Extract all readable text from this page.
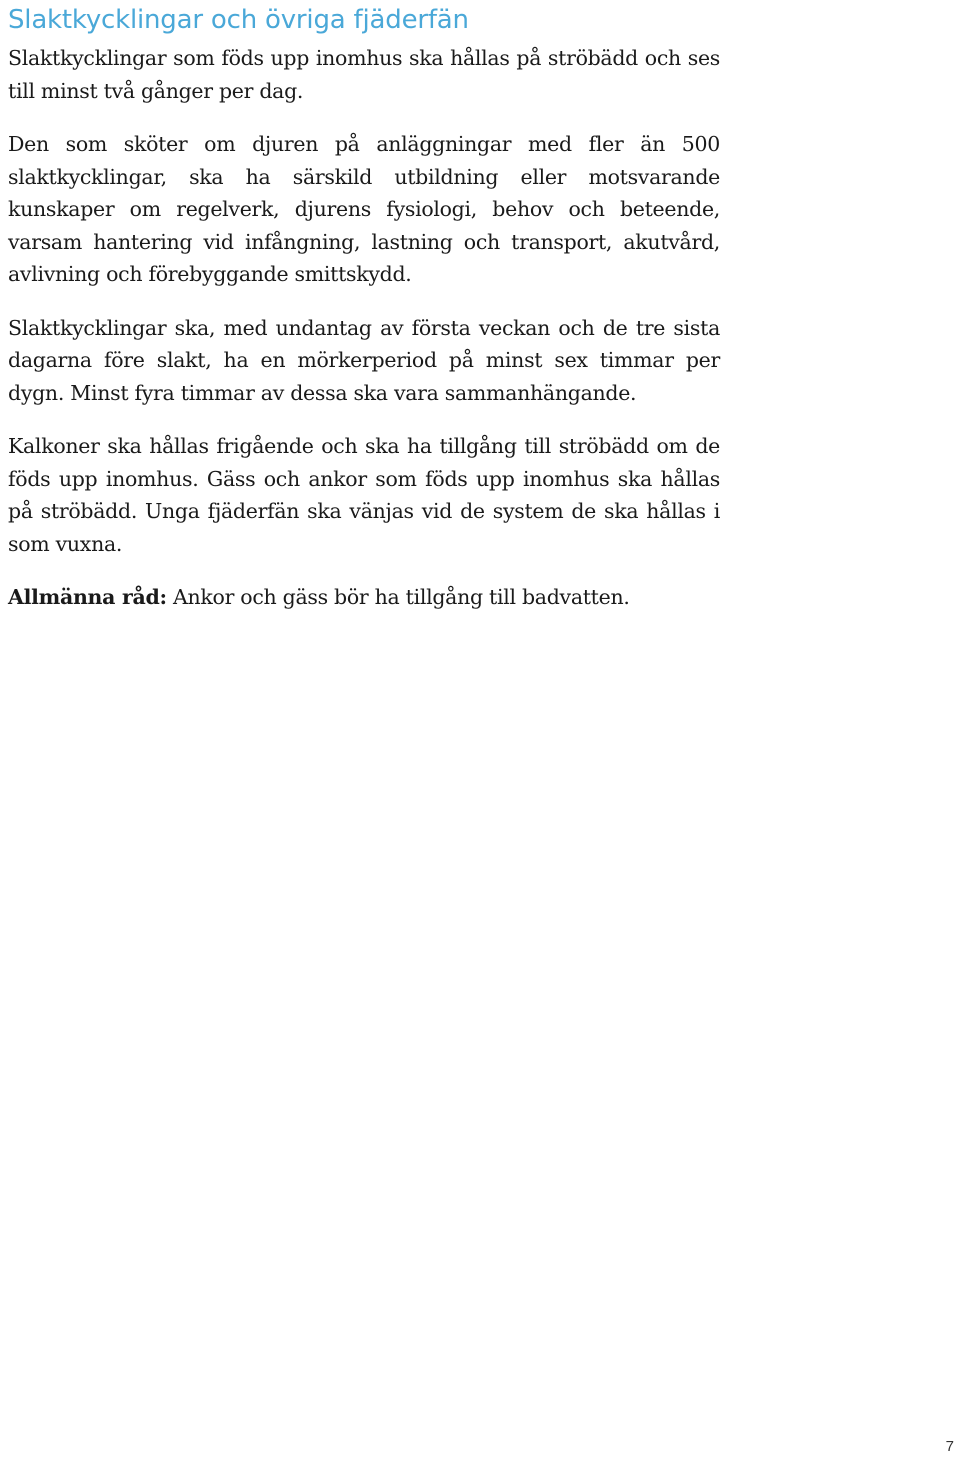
Slaktkycklingar och övriga fjäderfän

Slaktkycklingar som föds upp inomhus ska hållas på ströbädd och ses till minst två gånger per dag.

Den som sköter om djuren på anläggningar med fler än 500 slaktkycklingar, ska ha särskild utbildning eller motsvarande kunskaper om regelverk, djurens fysiologi, behov och beteende, varsam hantering vid infångning, lastning och transport, akutvård, avlivning och förebyggande smittskydd.

Slaktkycklingar ska, med undantag av första veckan och de tre sista dagarna före slakt, ha en mörkerperiod på minst sex timmar per dygn. Minst fyra timmar av dessa ska vara sammanhängande.

Kalkoner ska hållas frigående och ska ha tillgång till ströbädd om de föds upp inomhus. Gäss och ankor som föds upp inomhus ska hållas på ströbädd. Unga fjäderfän ska vänjas vid de system de ska hållas i som vuxna.

Allmänna råd: Ankor och gäss bör ha tillgång till badvatten.

7
